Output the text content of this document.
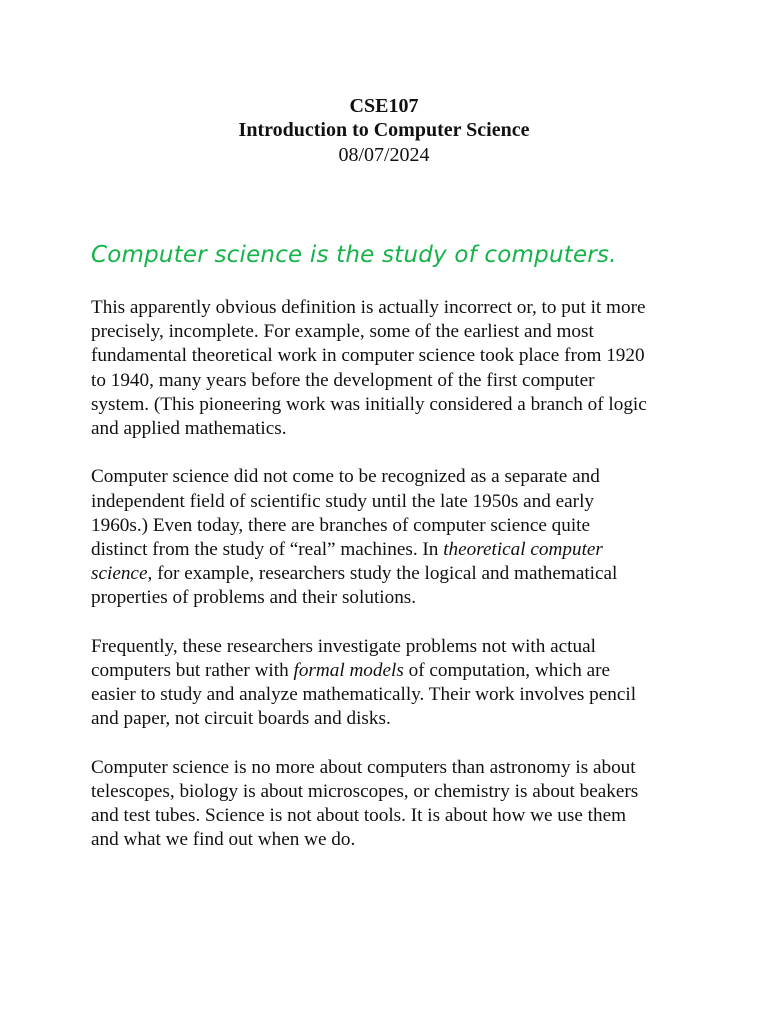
CSE107
Introduction to Computer Science
08/07/2024
Computer science is the study of computers.

This apparently obvious definition is actually incorrect or, to put it more
precisely, incomplete. For example, some of the earliest and most
fundamental theoretical work in computer science took place from 1920
to 1940, many years before the development of the first computer
system. (This pioneering work was initially considered a branch of logic
and applied mathematics.

Computer science did not come to be recognized as a separate and
independent field of scientific study until the late 1950s and early
1960s.) Even today, there are branches of computer science quite
distinct from the study of “real” machines. In theoretical computer
science, for example, researchers study the logical and mathematical
properties of problems and their solutions.

Frequently, these researchers investigate problems not with actual
computers but rather with formal models of computation, which are
easier to study and analyze mathematically. Their work involves pencil
and paper, not circuit boards and disks.

Computer science is no more about computers than astronomy is about
telescopes, biology is about microscopes, or chemistry is about beakers
and test tubes. Science is not about tools. It is about how we use them
and what we find out when we do.
